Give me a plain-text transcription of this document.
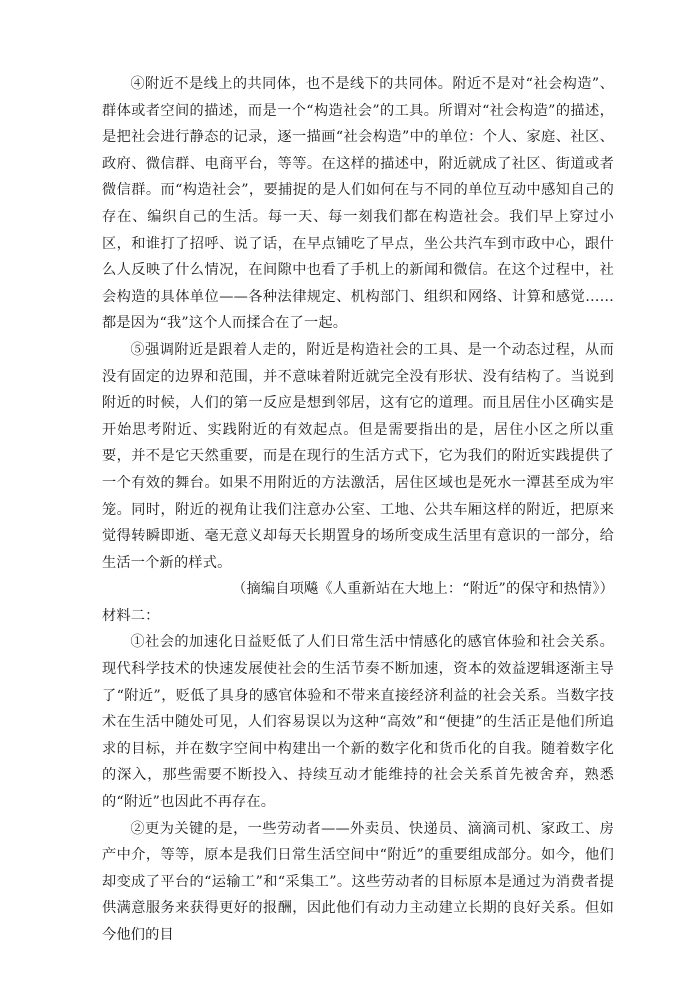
④附近不是线上的共同体，也不是线下的共同体。附近不是对“社会构造”、群体或者空间的描述，而是一个“构造社会”的工具。所谓对“社会构造”的描述，是把社会进行静态的记录，逐一描画“社会构造”中的单位：个人、家庭、社区、政府、微信群、电商平台，等等。在这样的描述中，附近就成了社区、街道或者微信群。而“构造社会”，要捕捉的是人们如何在与不同的单位互动中感知自己的存在、编织自己的生活。每一天、每一刻我们都在构造社会。我们早上穿过小区，和谁打了招呼、说了话，在早点铺吃了早点，坐公共汽车到市政中心，跟什么人反映了什么情况，在间隙中也看了手机上的新闻和微信。在这个过程中，社会构造的具体单位——各种法律规定、机构部门、组织和网络、计算和感觉……都是因为“我”这个人而揉合在了一起。

⑤强调附近是跟着人走的，附近是构造社会的工具、是一个动态过程，从而没有固定的边界和范围，并不意味着附近就完全没有形状、没有结构了。当说到附近的时候，人们的第一反应是想到邻居，这有它的道理。而且居住小区确实是开始思考附近、实践附近的有效起点。但是需要指出的是，居住小区之所以重要，并不是它天然重要，而是在现行的生活方式下，它为我们的附近实践提供了一个有效的舞台。如果不用附近的方法激活，居住区域也是死水一潭甚至成为牢笼。同时，附近的视角让我们注意办公室、工地、公共车厢这样的附近，把原来觉得转瞬即逝、毫无意义却每天长期置身的场所变成生活里有意识的一部分，给生活一个新的样式。

（摘编自项飚《人重新站在大地上：“附近”的保守和热情》）

材料二：

①社会的加速化日益贬低了人们日常生活中情感化的感官体验和社会关系。现代科学技术的快速发展使社会的生活节奏不断加速，资本的效益逻辑逐渐主导了“附近”，贬低了具身的感官体验和不带来直接经济利益的社会关系。当数字技术在生活中随处可见，人们容易误以为这种“高效”和“便捷”的生活正是他们所追求的目标，并在数字空间中构建出一个新的数字化和货币化的自我。随着数字化的深入，那些需要不断投入、持续互动才能维持的社会关系首先被舍弃，熟悉的“附近”也因此不再存在。

②更为关键的是，一些劳动者——外卖员、快递员、滴滴司机、家政工、房产中介，等等，原本是我们日常生活空间中“附近”的重要组成部分。如今，他们却变成了平台的“运输工”和“采集工”。这些劳动者的目标原本是通过为消费者提供满意服务来获得更好的报酬，因此他们有动力主动建立长期的良好关系。但如今他们的目
